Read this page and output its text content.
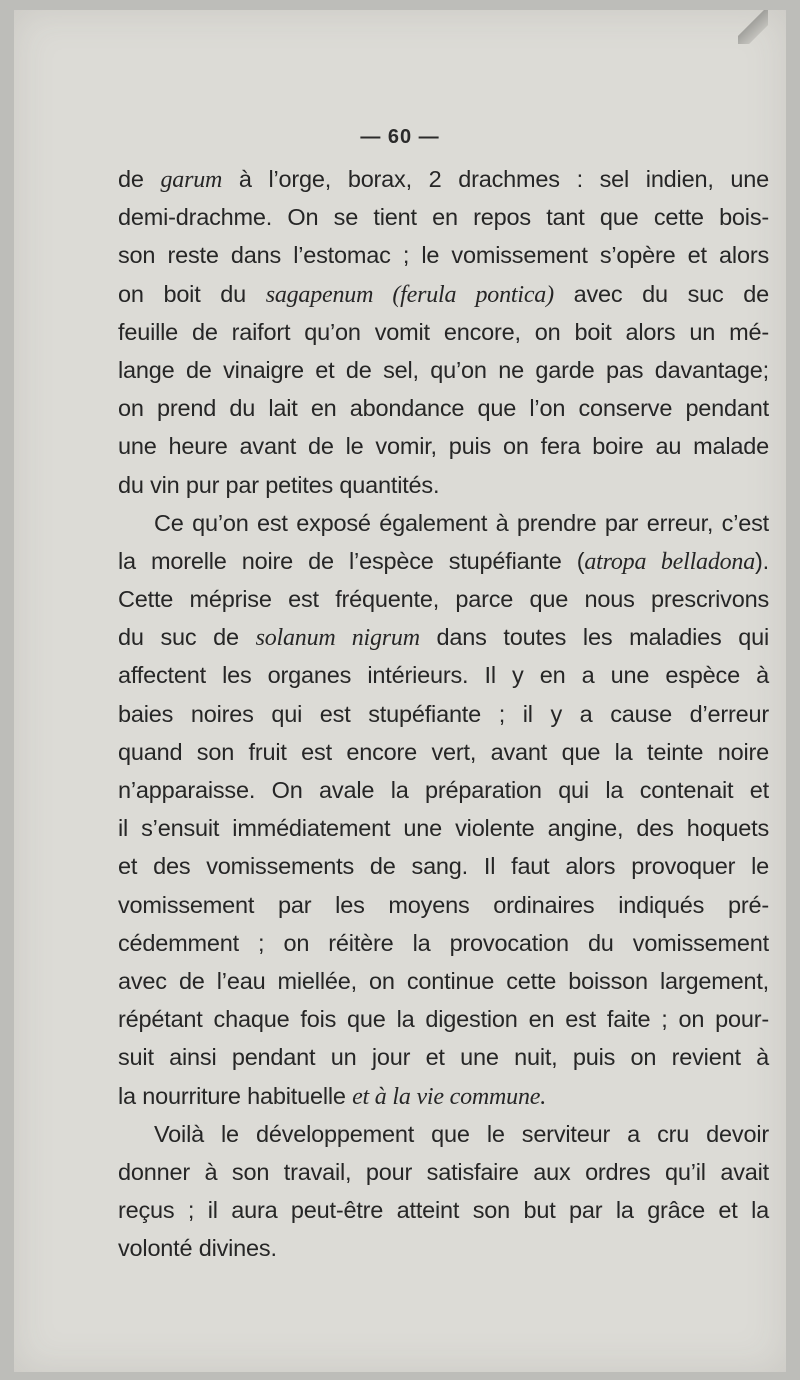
— 60 —
de garum à l’orge, borax, 2 drachmes : sel indien, une
demi-drachme. On se tient en repos tant que cette bois-
son reste dans l’estomac ; le vomissement s’opère et alors
on boit du sagapenum (ferula pontica) avec du suc de
feuille de raifort qu’on vomit encore, on boit alors un mé-
lange de vinaigre et de sel, qu’on ne garde pas davantage;
on prend du lait en abondance que l’on conserve pendant
une heure avant de le vomir, puis on fera boire au malade
du vin pur par petites quantités.
Ce qu’on est exposé également à prendre par erreur, c’est
la morelle noire de l’espèce stupéfiante (atropa belladona).
Cette méprise est fréquente, parce que nous prescrivons
du suc de solanum nigrum dans toutes les maladies qui
affectent les organes intérieurs. Il y en a une espèce à
baies noires qui est stupéfiante ; il y a cause d’erreur
quand son fruit est encore vert, avant que la teinte noire
n’apparaisse. On avale la préparation qui la contenait et
il s’ensuit immédiatement une violente angine, des hoquets
et des vomissements de sang. Il faut alors provoquer le
vomissement par les moyens ordinaires indiqués pré-
cédemment ; on réitère la provocation du vomissement
avec de l’eau miellée, on continue cette boisson largement,
répétant chaque fois que la digestion en est faite ; on pour-
suit ainsi pendant un jour et une nuit, puis on revient à
la nourriture habituelle et à la vie commune.
Voilà le développement que le serviteur a cru devoir
donner à son travail, pour satisfaire aux ordres qu’il avait
reçus ; il aura peut-être atteint son but par la grâce et la
volonté divines.
